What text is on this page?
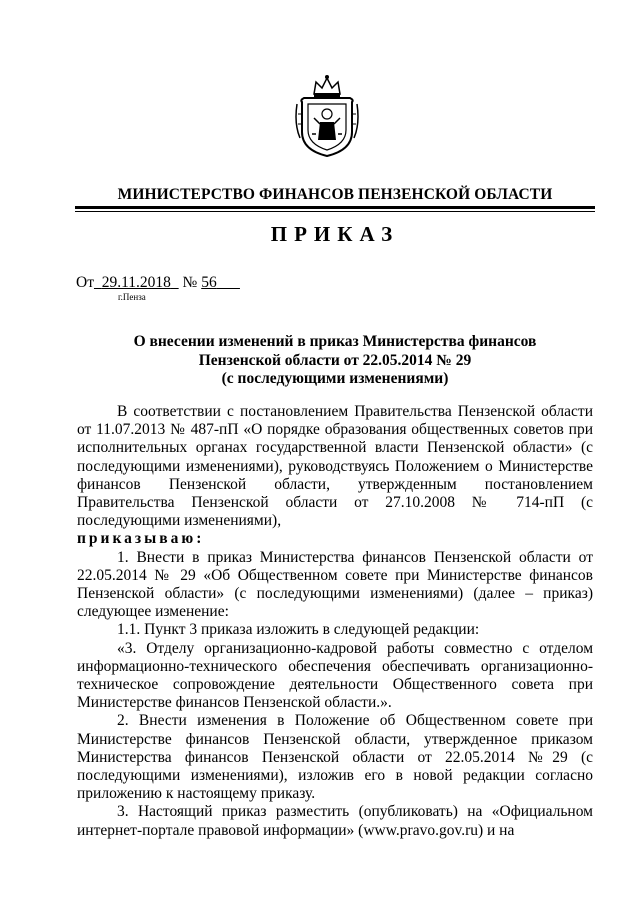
МИНИСТЕРСТВО ФИНАНСОВ ПЕНЗЕНСКОЙ ОБЛАСТИ
ПРИКАЗ
От 29.11.2018 № 56
г.Пенза
О внесении изменений в приказ Министерства финансов
Пензенской области от 22.05.2014 № 29
(с последующими изменениями)

В соответствии с постановлением Правительства Пензенской области от 11.07.2013 № 487-пП «О порядке образования общественных советов при исполнительных органах государственной власти Пензенской области» (с последующими изменениями), руководствуясь Положением о Министерстве финансов Пензенской области, утвержденным постановлением Правительства Пензенской области от 27.10.2008 № 714-пП (с последующими изменениями),

приказываю:

1. Внести в приказ Министерства финансов Пензенской области от 22.05.2014 № 29 «Об Общественном совете при Министерстве финансов Пензенской области» (с последующими изменениями) (далее – приказ) следующее изменение:

1.1. Пункт 3 приказа изложить в следующей редакции:

«3. Отделу организационно-кадровой работы совместно с отделом информационно-технического обеспечения обеспечивать организационно-техническое сопровождение деятельности Общественного совета при Министерстве финансов Пензенской области.».

2. Внести изменения в Положение об Общественном совете при Министерстве финансов Пензенской области, утвержденное приказом Министерства финансов Пензенской области от 22.05.2014 №29 (с последующими изменениями), изложив его в новой редакции согласно приложению к настоящему приказу.

3. Настоящий приказ разместить (опубликовать) на «Официальном интернет-портале правовой информации» (www.pravo.gov.ru) и на
